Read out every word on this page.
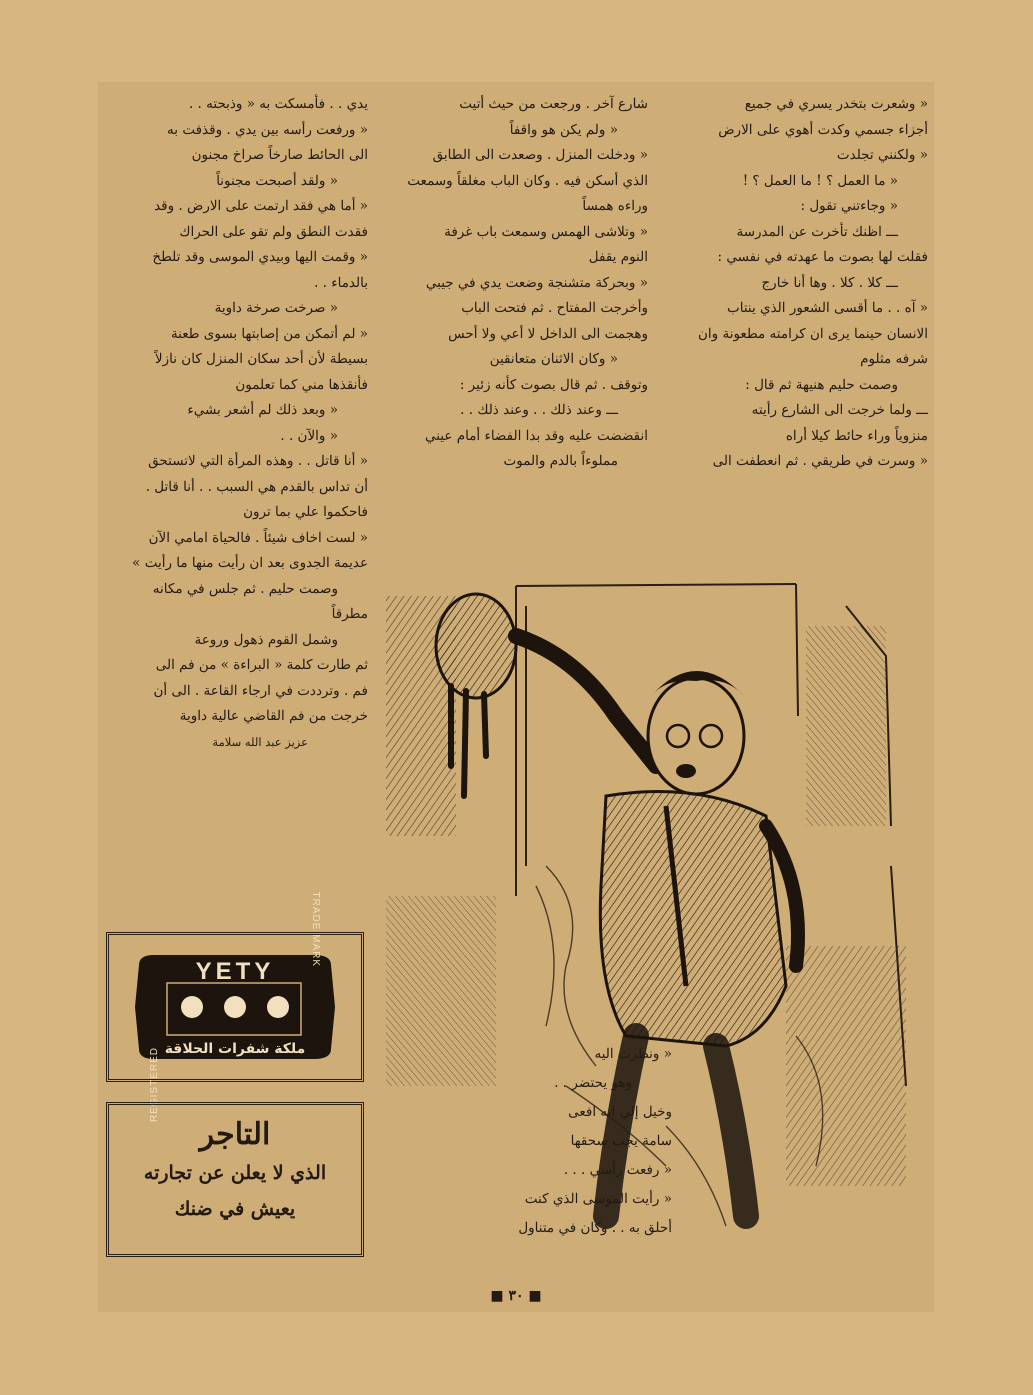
« وشعرت بتخدر يسري في جميع

أجزاء جسمي وكدت أهوي على الارض

« ولكنني تجلدت

« ما العمل ؟ ! ما العمل ؟ !

« وجاءتني تقول :

ـــ اظنك تأخرت عن المدرسة

فقلت لها بصوت ما عهدته في نفسي :

ـــ كلا . كلا . وها أنا خارج

« آه . . ما أقسى الشعور الذي ينتاب

الانسان حينما يرى ان كرامته مطعونة وان

شرفه مثلوم

وصمت حليم هنيهة ثم قال :

ـــ ولما خرجت الى الشارع رأيته

منزوياً وراء حائط كيلا أراه

« وسرت في طريقي . ثم انعطفت الى

شارع آخر . ورجعت من حيث أتيت

« ولم يكن هو واقفاً

« ودخلت المنزل . وصعدت الى الطابق

الذي أسكن فيه . وكان الباب مغلقاً وسمعت

وراءه همساً

« وتلاشى الهمس وسمعت باب غرفة

النوم يقفل

« وبحركة متشنجة وضعت يدي في جيبي

وأخرجت المفتاح . ثم فتحت الباب

وهجمت الى الداخل لا أعي ولا أحس

« وكان الاثنان متعانقين

وتوقف . ثم قال بصوت كأنه زئير :

ـــ وعند ذلك . . وعند ذلك . .

انقضضت عليه وقد بدا الفضاء أمام عيني

مملوءاً بالدم والموت

يدي . . فأمسكت به « وذبحته . .

« ورفعت رأسه بين يدي . وقذفت به

الى الحائط صارخاً صراخ مجنون

« ولقد أصبحت مجنوناً

« أما هي فقد ارتمت على الارض . وقد

فقدت النطق ولم تقو على الحراك

« وقمت اليها وبيدي الموسى وقد تلطخ

بالدماء . .

« صرخت صرخة داوية

« لم أتمكن من إصابتها بسوى طعنة

بسيطة لأن أحد سكان المنزل كان نازلاً

فأنقذها مني كما تعلمون

« وبعد ذلك لم أشعر بشيء

« والآن . .

« أنا قاتل . . وهذه المرأة التي لاتستحق

أن تداس بالقدم هي السبب . . أنا قاتل .

فاحكموا علي بما ترون

« لست اخاف شيئاً . فالحياة امامي الآن

عديمة الجدوى بعد ان رأيت منها ما رأيت »

وصمت حليم . ثم جلس في مكانه

مطرقاً

وشمل القوم ذهول وروعة

ثم طارت كلمة « البراءة » من فم الى

فم . وترددت في ارجاء القاعة . الى أن

خرجت من فم القاضي عالية داوية

عزيز عبد الله سلامة

« ونظرت اليه

وهو يحتضر . .

وخيل إلي انه افعى

سامة يجب سحقها

« رفعت رأسي . . .

« رأيت الموسى الذي كنت

أحلق به . . وكان في متناول

YETY
REGISTERED
TRADE MARK
ملكة شفرات الحلاقة
التاجر
الذي لا يعلن عن تجارته
يعيش في ضنك
■ ٣٠ ■
